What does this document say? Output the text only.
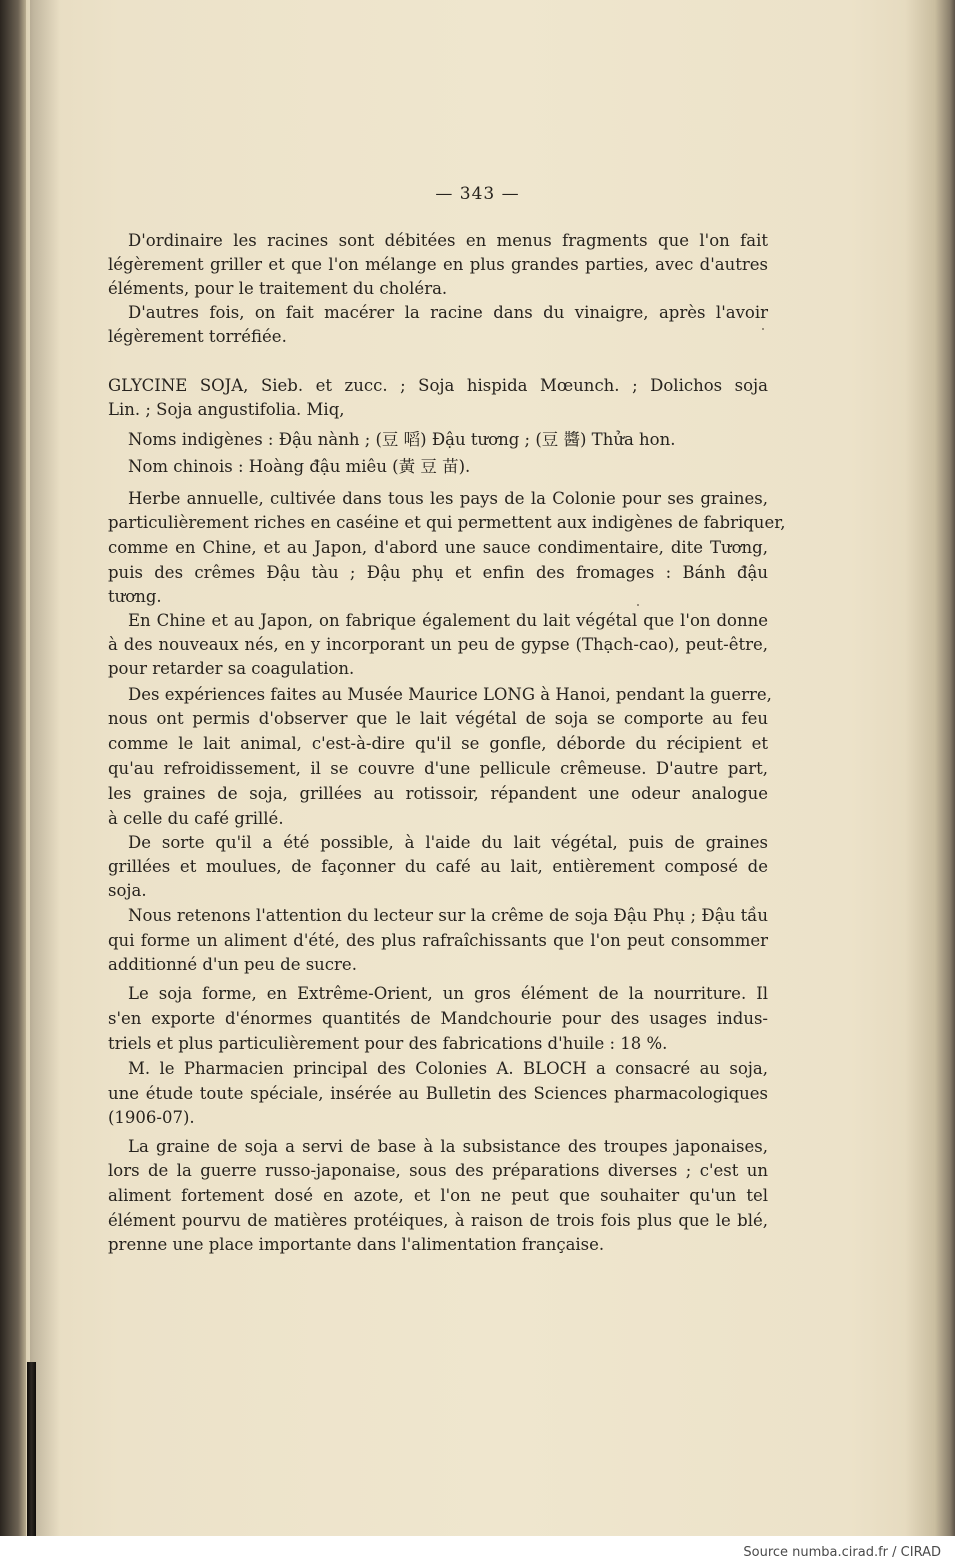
— 343 —
D'ordinaire les racines sont débitées en menus fragments que l'on fait
légèrement griller et que l'on mélange en plus grandes parties, avec d'autres
éléments, pour le traitement du choléra.
D'autres fois, on fait macérer la racine dans du vinaigre, après l'avoir
légèrement torréfiée.
GLYCINE SOJA, Sieb. et zucc. ; Soja hispida Mœunch. ; Dolichos soja
Lin. ; Soja angustifolia. Miq,
Noms indigènes : Đậu nành ; (豆 㗖) Đậu tương ; (豆 醬) Thửa hon.
Nom chinois : Hoàng đậu miêu (黃 豆 苗).
Herbe annuelle, cultivée dans tous les pays de la Colonie pour ses graines,
particulièrement riches en caséine et qui permettent aux indigènes de fabriquer,
comme en Chine, et au Japon, d'abord une sauce condimentaire, dite Tương,
puis des crêmes Đậu tàu ; Đậu phụ et enfin des fromages : Bánh đậu
tương.
En Chine et au Japon, on fabrique également du lait végétal que l'on donne
à des nouveaux nés, en y incorporant un peu de gypse (Thạch-cao), peut-être,
pour retarder sa coagulation.
Des expériences faites au Musée Maurice LONG à Hanoi, pendant la guerre,
nous ont permis d'observer que le lait végétal de soja se comporte au feu
comme le lait animal, c'est-à-dire qu'il se gonfle, déborde du récipient et
qu'au refroidissement, il se couvre d'une pellicule crêmeuse. D'autre part,
les graines de soja, grillées au rotissoir, répandent une odeur analogue
à celle du café grillé.
De sorte qu'il a été possible, à l'aide du lait végétal, puis de graines
grillées et moulues, de façonner du café au lait, entièrement composé de
soja.
Nous retenons l'attention du lecteur sur la crême de soja Đậu Phụ ; Đậu tầu
qui forme un aliment d'été, des plus rafraîchissants que l'on peut consommer
additionné d'un peu de sucre.
Le soja forme, en Extrême-Orient, un gros élément de la nourriture. Il
s'en exporte d'énormes quantités de Mandchourie pour des usages indus-
triels et plus particulièrement pour des fabrications d'huile : 18 %.
M. le Pharmacien principal des Colonies A. BLOCH a consacré au soja,
une étude toute spéciale, insérée au Bulletin des Sciences pharmacologiques
(1906-07).
La graine de soja a servi de base à la subsistance des troupes japonaises,
lors de la guerre russo-japonaise, sous des préparations diverses ; c'est un
aliment fortement dosé en azote, et l'on ne peut que souhaiter qu'un tel
élément pourvu de matières protéiques, à raison de trois fois plus que le blé,
prenne une place importante dans l'alimentation française.
Source numba.cirad.fr / CIRAD
